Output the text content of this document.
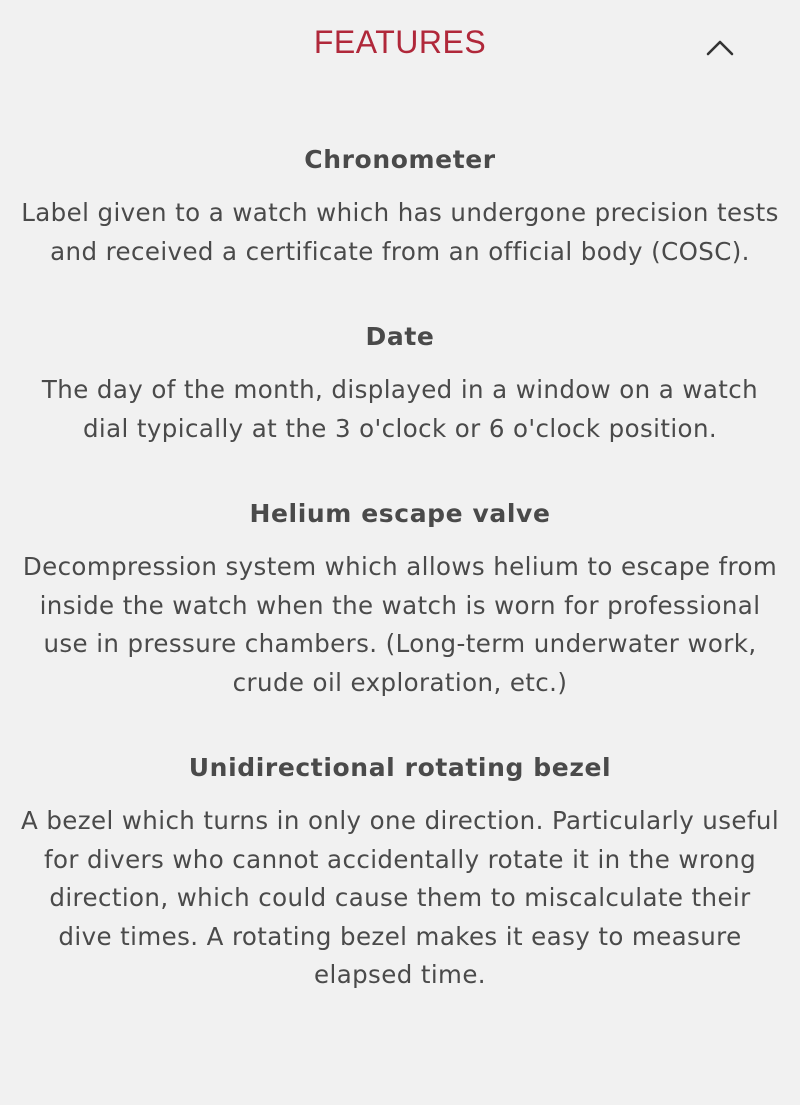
FEATURES
Chronometer

Label given to a watch which has undergone precision tests and received a certificate from an official body (COSC).

Date

The day of the month, displayed in a window on a watch dial typically at the 3 o'clock or 6 o'clock position.

Helium escape valve

Decompression system which allows helium to escape from inside the watch when the watch is worn for professional use in pressure chambers. (Long-term underwater work, crude oil exploration, etc.)

Unidirectional rotating bezel

A bezel which turns in only one direction. Particularly useful for divers who cannot accidentally rotate it in the wrong direction, which could cause them to miscalculate their dive times. A rotating bezel makes it easy to measure elapsed time.
